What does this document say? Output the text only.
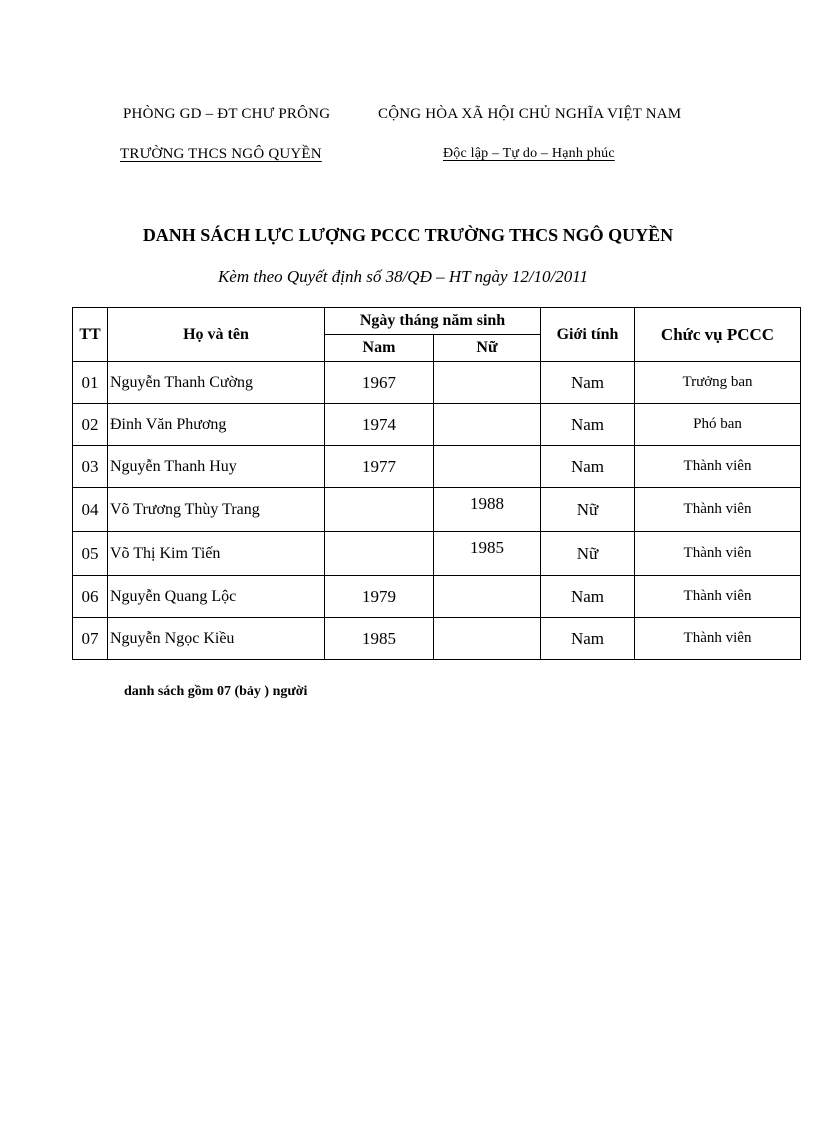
PHÒNG GD – ĐT CHƯ PRÔNG
TRƯỜNG THCS NGÔ QUYỀN
CỘNG HÒA XÃ HỘI CHỦ NGHĨA VIỆT NAM
Độc lập – Tự do – Hạnh phúc
DANH SÁCH LỰC LƯỢNG PCCC TRƯỜNG THCS NGÔ QUYỀN
Kèm theo Quyết định số 38/QĐ – HT ngày 12/10/2011
TT	Họ và tên	Ngày tháng năm sinh		Giới tính	Chức vụ PCCC
		Nam	Nữ		
01	Nguyễn Thanh Cường	1967		Nam	Trưởng ban
02	Đinh Văn Phương	1974		Nam	Phó ban
03	Nguyễn Thanh Huy	1977		Nam	Thành viên
04	Võ Trương Thùy Trang		1988	Nữ	Thành viên
05	Võ Thị Kim Tiến		1985	Nữ	Thành viên
06	Nguyễn Quang Lộc	1979		Nam	Thành viên
07	Nguyễn Ngọc Kiều	1985		Nam	Thành viên
danh sách gồm 07 (bảy ) người
